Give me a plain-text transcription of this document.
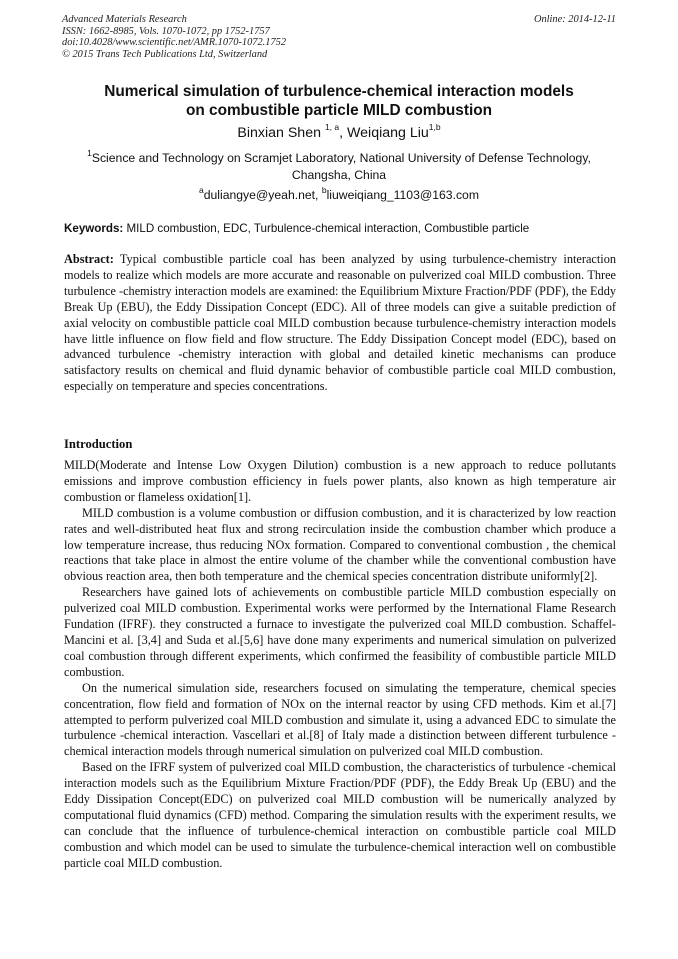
Advanced Materials Research
ISSN: 1662-8985, Vols. 1070-1072, pp 1752-1757
doi:10.4028/www.scientific.net/AMR.1070-1072.1752
© 2015 Trans Tech Publications Ltd, Switzerland
Online: 2014-12-11
Numerical simulation of turbulence-chemical interaction models
on combustible particle MILD combustion
Binxian Shen $^{1, a}$, Weiqiang Liu$^{1,b}$
$^1$Science and Technology on Scramjet Laboratory, National University of Defense Technology,
Changsha, China
$^a$duliangye@yeah.net, $^b$liuweiqiang_1103@163.com
Keywords: MILD combustion, EDC, Turbulence-chemical interaction, Combustible particle
Abstract: Typical combustible particle coal has been analyzed by using turbulence-chemistry interaction models to realize which models are more accurate and reasonable on pulverized coal MILD combustion. Three turbulence -chemistry interaction models are examined: the Equilibrium Mixture Fraction/PDF (PDF), the Eddy Break Up (EBU), the Eddy Dissipation Concept (EDC). All of three models can give a suitable prediction of axial velocity on combustible patticle coal MILD combustion because turbulence-chemistry interaction models have little influence on flow field and flow structure. The Eddy Dissipation Concept model (EDC), based on advanced turbulence -chemistry interaction with global and detailed kinetic mechanisms can produce satisfactory results on chemical and fluid dynamic behavior of combustible particle coal MILD combustion, especially on temperature and species concentrations.
Introduction

MILD(Moderate and Intense Low Oxygen Dilution) combustion is a new approach to reduce pollutants emissions and improve combustion efficiency in fuels power plants, also known as high temperature air combustion or flameless oxidation[1].

MILD combustion is a volume combustion or diffusion combustion, and it is characterized by low reaction rates and well-distributed heat flux and strong recirculation inside the combustion chamber which produce a low temperature increase, thus reducing NOx formation. Compared to conventional combustion , the chemical reactions that take place in almost the entire volume of the chamber while the conventional combustion have obvious reaction area, then both temperature and the chemical species concentration distribute uniformly[2].

Researchers have gained lots of achievements on combustible particle MILD combustion especially on pulverized coal MILD combustion. Experimental works were performed by the International Flame Research Fundation (IFRF). they constructed a furnace to investigate the pulverized coal MILD combustion. Schaffel-Mancini et al. [3,4] and Suda et al.[5,6] have done many experiments and numerical simulation on pulverized coal combustion through different experiments, which confirmed the feasibility of combustible particle MILD combustion.

On the numerical simulation side, researchers focused on simulating the temperature, chemical species concentration, flow field and formation of NOx on the internal reactor by using CFD methods. Kim et al.[7] attempted to perform pulverized coal MILD combustion and simulate it, using a advanced EDC to simulate the turbulence -chemical interaction. Vascellari et al.[8] of Italy made a distinction between different turbulence -chemical interaction models through numerical simulation on pulverized coal MILD combustion.

Based on the IFRF system of pulverized coal MILD combustion, the characteristics of turbulence -chemical interaction models such as the Equilibrium Mixture Fraction/PDF (PDF), the Eddy Break Up (EBU) and the Eddy Dissipation Concept(EDC) on pulverized coal MILD combustion will be numerically analyzed by computational fluid dynamics (CFD) method. Comparing the simulation results with the experiment results, we can conclude that the influence of turbulence-chemical interaction on combustible particle coal MILD combustion and which model can be used to simulate the turbulence-chemical interaction well on combustible particle coal MILD combustion.
